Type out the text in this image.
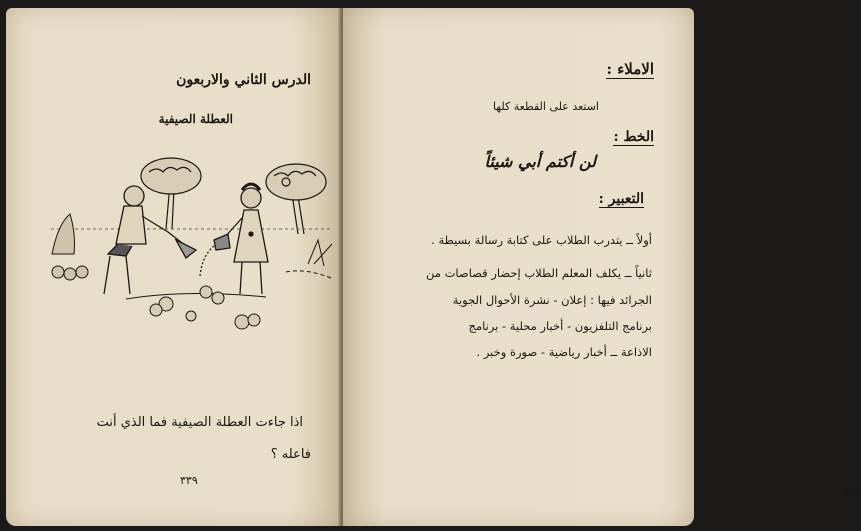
الدرس الثاني والاربعون
العطلة الصيفية
اذا جاءت العطلة الصيفية فما الذي أنت
فاعله ؟
٣٣٩
الاملاء :
استعد على القطعة كلها
الخط :
لن أكتم أبي شيئاً
التعبير :
أولاً ــ يتدرب الطلاب على كتابة رسالة بسيطة .
ثانياً ــ يكلف المعلم الطلاب إحضار قصاصات من
الجرائد فيها : إعلان - نشرة الأحوال الجوية
برنامج التلفزيون - أخبار محلية - برنامج
الاذاعة ــ أخبار رياضية - صورة وخبر .
٣٣٨
